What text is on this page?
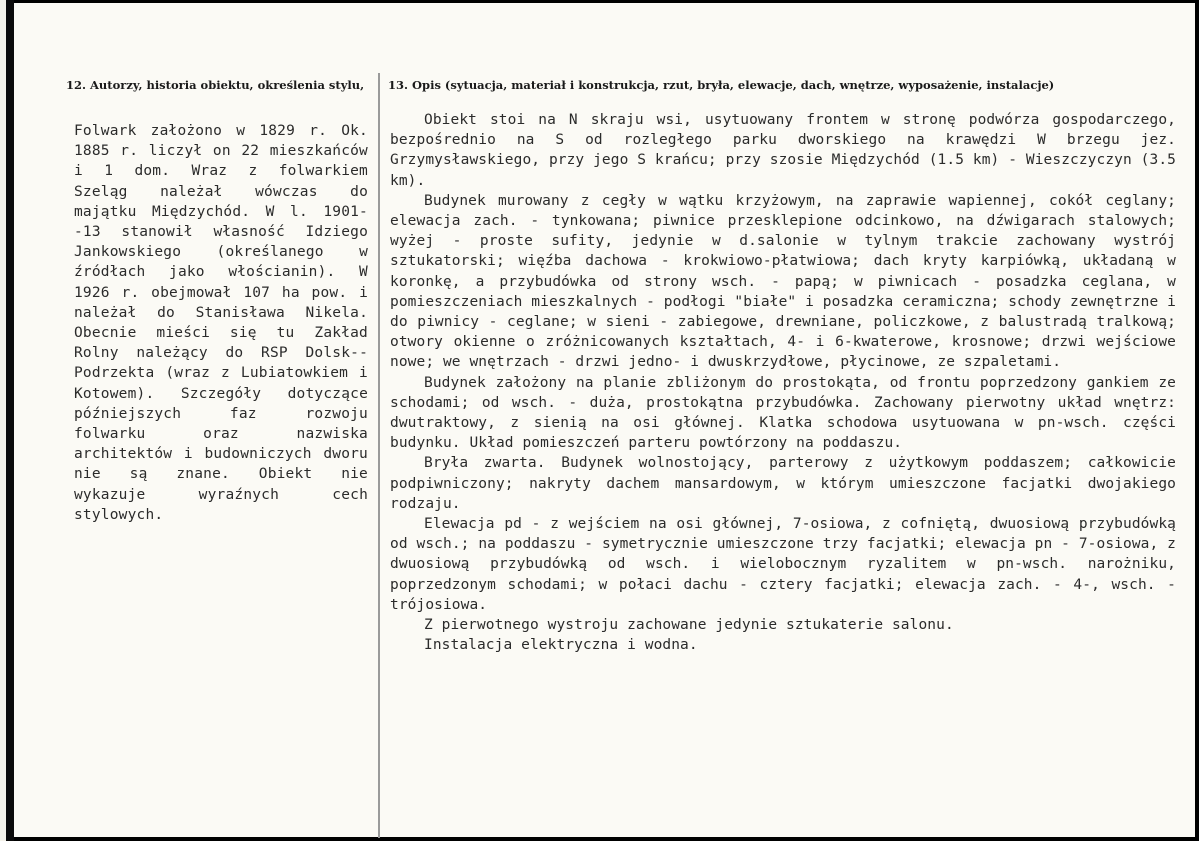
12. Autorzy, historia obiektu, określenia stylu, 13. Opis (sytuacja, materiał i konstrukcja, rzut, bryła, elewacje, dach, wnętrze, wyposażenie, instalacje)
Folwark założono w 1829 r. Ok. 1885 r. liczył on 22 mieszkańców i 1 dom. Wraz z folwarkiem Szeląg należał wówczas do majątku Międzychód. W l. 1901--13 stanowił własność Idziego Jankowskiego (określanego w źródłach jako włościanin). W 1926 r. obejmował 107 ha pow. i należał do Stanisława Nikela. Obecnie mieści się tu Zakład Rolny należący do RSP Dolsk--Podrzekta (wraz z Lubiatowkiem i Kotowem). Szczegóły dotyczące późniejszych faz rozwoju folwarku oraz nazwiska architektów i budowniczych dworu nie są znane. Obiekt nie wykazuje wyraźnych cech stylowych.

Obiekt stoi na N skraju wsi, usytuowany frontem w stronę podwórza gospodarczego, bezpośrednio na S od rozległego parku dworskiego na krawędzi W brzegu jez. Grzymysławskiego, przy jego S krańcu; przy szosie Międzychód (1.5 km) - Wieszczyczyn (3.5 km).

Budynek murowany z cegły w wątku krzyżowym, na zaprawie wapiennej, cokół ceglany; elewacja zach. - tynkowana; piwnice przesklepione odcinkowo, na dźwigarach stalowych; wyżej - proste sufity, jedynie w d.salonie w tylnym trakcie zachowany wystrój sztukatorski; więźba dachowa - krokwiowo-płatwiowa; dach kryty karpiówką, układaną w koronkę, a przybudówka od strony wsch. - papą; w piwnicach - posadzka ceglana, w pomieszczeniach mieszkalnych - podłogi "białe" i posadzka ceramiczna; schody zewnętrzne i do piwnicy - ceglane; w sieni - zabiegowe, drewniane, policzkowe, z balustradą tralkową; otwory okienne o zróżnicowanych kształtach, 4- i 6-kwaterowe, krosnowe; drzwi wejściowe nowe; we wnętrzach - drzwi jedno- i dwuskrzydłowe, płycinowe, ze szpaletami.

Budynek założony na planie zbliżonym do prostokąta, od frontu poprzedzony gankiem ze schodami; od wsch. - duża, prostokątna przybudówka. Zachowany pierwotny układ wnętrz: dwutraktowy, z sienią na osi głównej. Klatka schodowa usytuowana w pn-wsch. części budynku. Układ pomieszczeń parteru powtórzony na poddaszu.

Bryła zwarta. Budynek wolnostojący, parterowy z użytkowym poddaszem; całkowicie podpiwniczony; nakryty dachem mansardowym, w którym umieszczone facjatki dwojakiego rodzaju.

Elewacja pd - z wejściem na osi głównej, 7-osiowa, z cofniętą, dwuosiową przybudówką od wsch.; na poddaszu - symetrycznie umieszczone trzy facjatki; elewacja pn - 7-osiowa, z dwuosiową przybudówką od wsch. i wielobocznym ryzalitem w pn-wsch. narożniku, poprzedzonym schodami; w połaci dachu - cztery facjatki; elewacja zach. - 4-, wsch. - trójosiowa.

Z pierwotnego wystroju zachowane jedynie sztukaterie salonu.

Instalacja elektryczna i wodna.
